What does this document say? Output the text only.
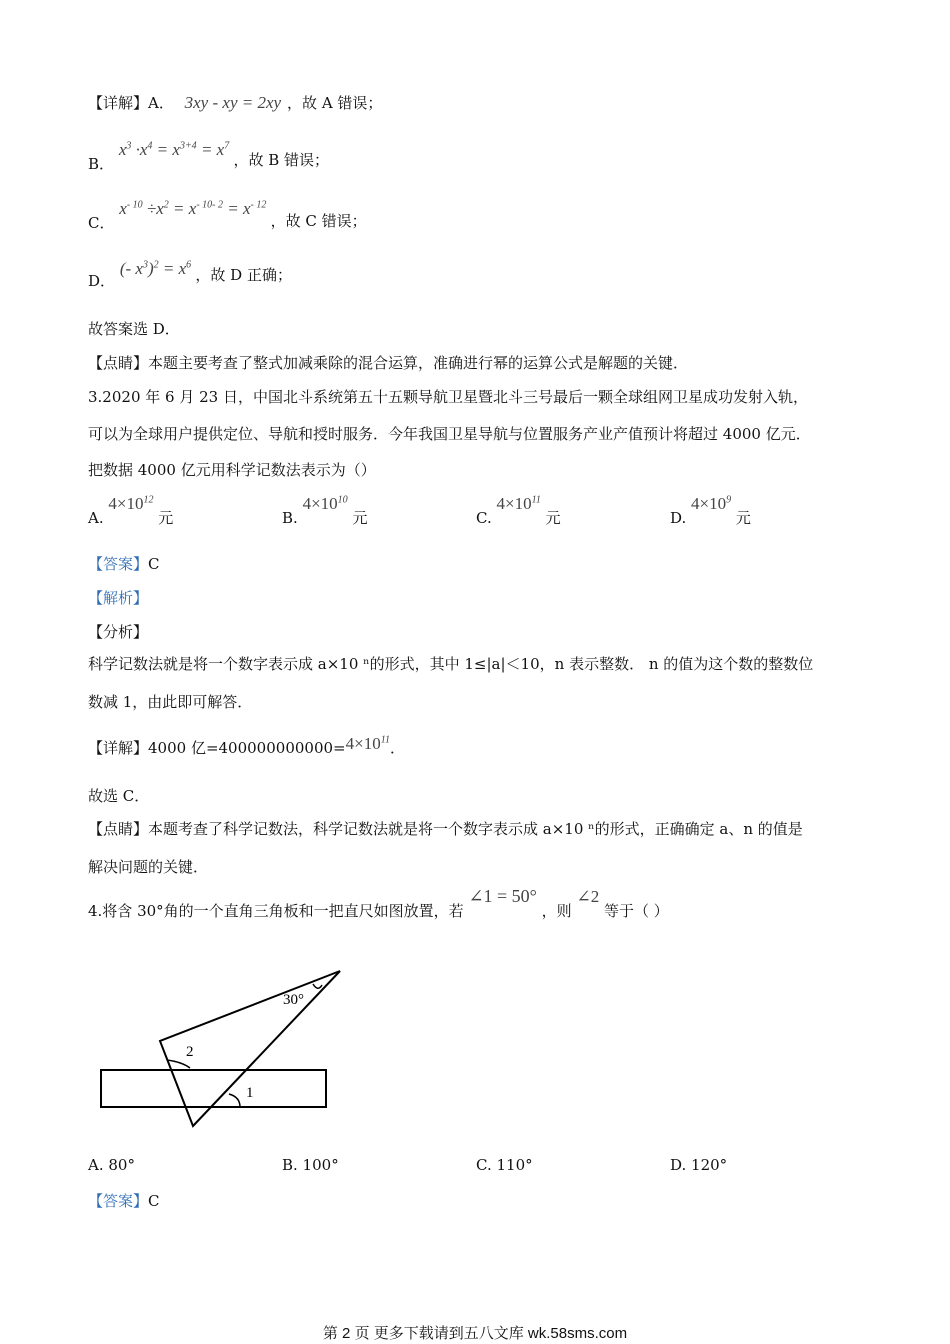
【详解】A． 3xy - xy = 2xy ，故 A 错误；
B． $x^3 \cdot x^4 = x^{3+4} = x^7$ ，故 B 错误；
C． $x^{- 10} \div x^2 = x^{- 10- 2} = x^{- 12}$ ，故 C 错误；
D． (- $x^3)^2 = x^6$ ，故 D 正确；
故答案选 D．
【点睛】本题主要考查了整式加减乘除的混合运算，准确进行幂的运算公式是解题的关键．
3.2020 年 6 月 23 日，中国北斗系统第五十五颗导航卫星暨北斗三号最后一颗全球组网卫星成功发射入轨，
可以为全球用户提供定位、导航和授时服务．今年我国卫星导航与位置服务产业产值预计将超过 4000 亿元．
把数据 4000 亿元用科学记数法表示为（）
A. $4\times 10^{12}$ 元	B. $4\times 10^{10}$ 元	C. $4\times 10^{11}$ 元	D. $4\times 10^9$ 元
【答案】C
【解析】
【分析】
科学记数法就是将一个数字表示成 a×10 ⁿ的形式，其中 1≤|a|＜10，n 表示整数． n 的值为这个数的整数位
数减 1，由此即可解答．
【详解】4000 亿$=400000000000=4\times 10^{11}$．
故选 C．
【点睛】本题考查了科学记数法，科学记数法就是将一个数字表示成 a×10 ⁿ的形式，正确确定 a、n 的值是
解决问题的关键．
4.将含 30°角的一个直角三角板和一把直尺如图放置，若 ∠1 = 50° ，则 ∠2 等于（ ）
30°
2
1
A. 80°	B. 100°	C. 110°	D. 120°
【答案】C
第 2 页 更多下载请到五八文库 wk.58sms.com
